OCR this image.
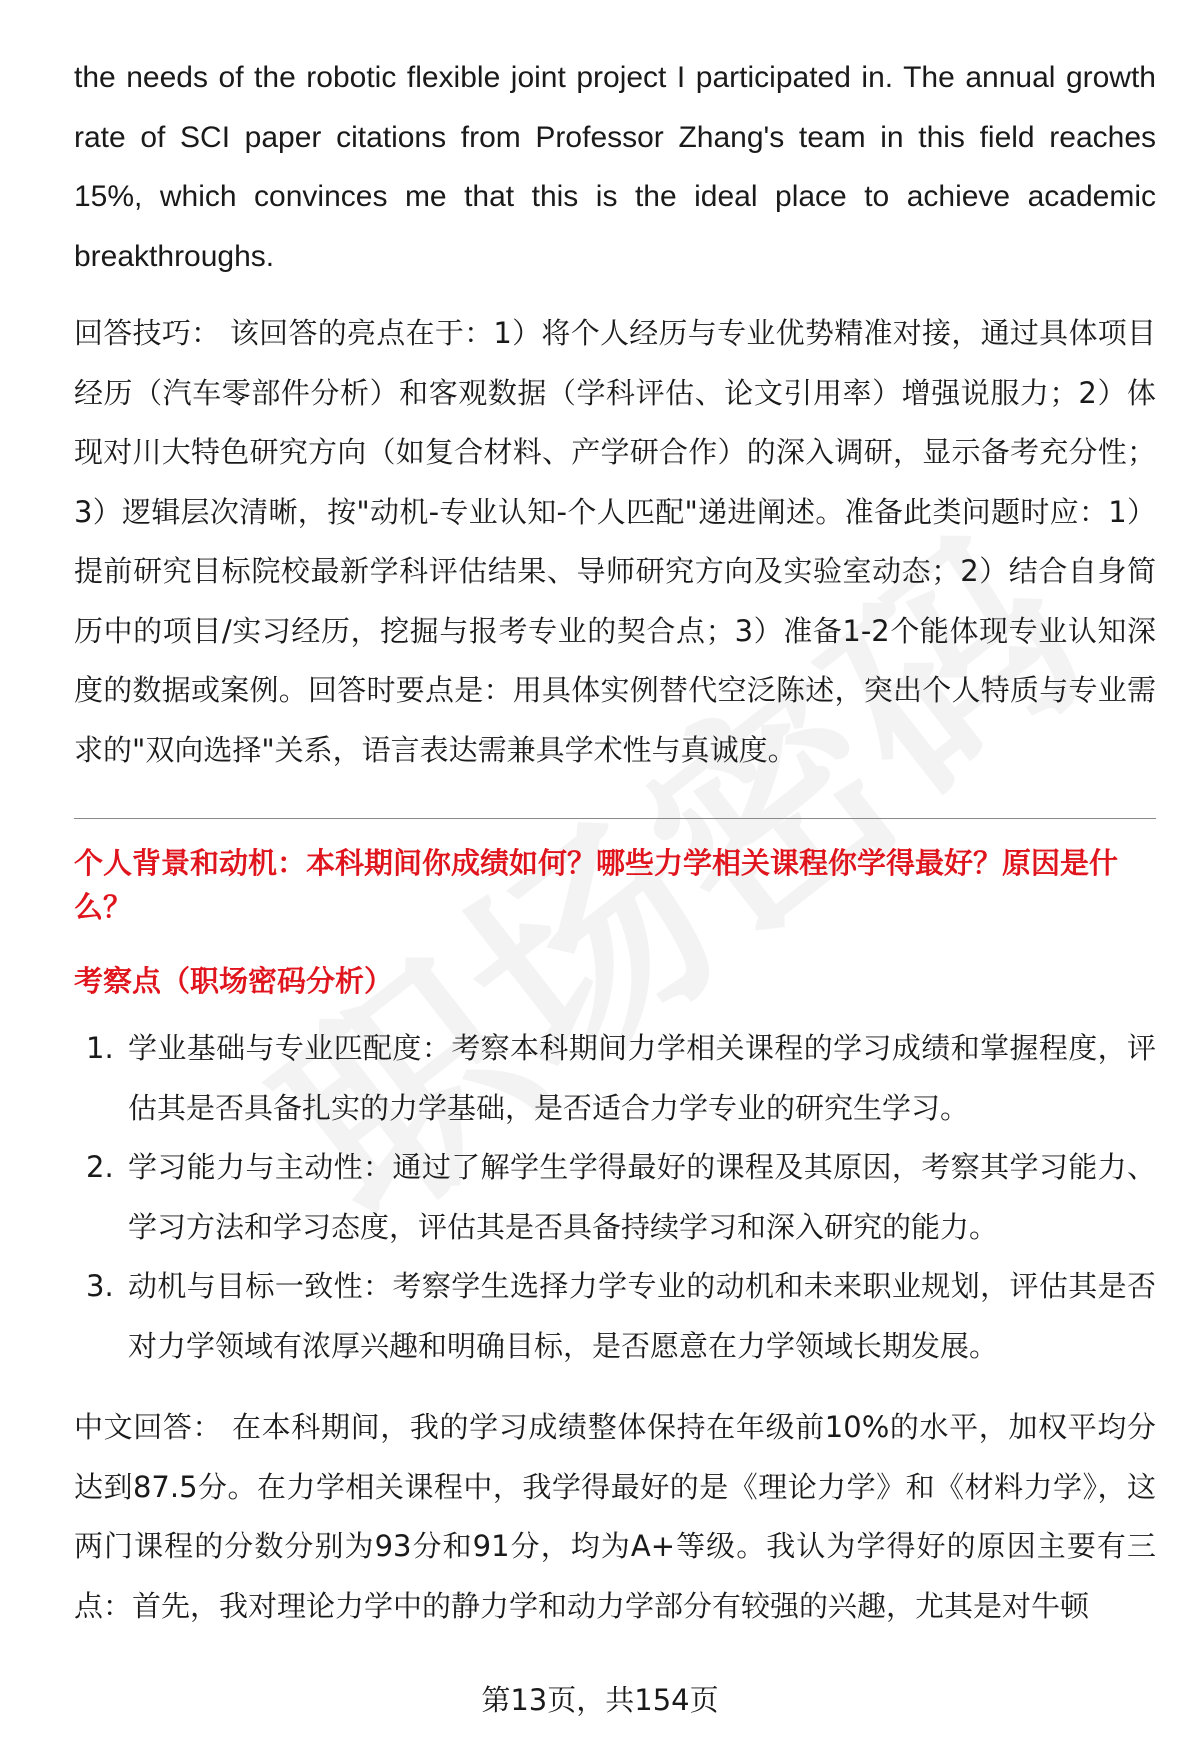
the needs of the robotic flexible joint project I participated in. The annual growth rate of SCI paper citations from Professor Zhang's team in this field reaches 15%, which convinces me that this is the ideal place to achieve academic breakthroughs.

回答技巧： 该回答的亮点在于：1）将个人经历与专业优势精准对接，通过具体项目经历（汽车零部件分析）和客观数据（学科评估、论文引用率）增强说服力；2）体现对川大特色研究方向（如复合材料、产学研合作）的深入调研，显示备考充分性；3）逻辑层次清晰，按"动机-专业认知-个人匹配"递进阐述。准备此类问题时应：1）提前研究目标院校最新学科评估结果、导师研究方向及实验室动态；2）结合自身简历中的项目/实习经历，挖掘与报考专业的契合点；3）准备1-2个能体现专业认知深度的数据或案例。回答时要点是：用具体实例替代空泛陈述，突出个人特质与专业需求的"双向选择"关系，语言表达需兼具学术性与真诚度。

个人背景和动机：本科期间你成绩如何？哪些力学相关课程你学得最好？原因是什么？

考察点（职场密码分析）

1. 学业基础与专业匹配度：考察本科期间力学相关课程的学习成绩和掌握程度，评估其是否具备扎实的力学基础，是否适合力学专业的研究生学习。
2. 学习能力与主动性：通过了解学生学得最好的课程及其原因，考察其学习能力、学习方法和学习态度，评估其是否具备持续学习和深入研究的能力。
3. 动机与目标一致性：考察学生选择力学专业的动机和未来职业规划，评估其是否对力学领域有浓厚兴趣和明确目标，是否愿意在力学领域长期发展。

中文回答： 在本科期间，我的学习成绩整体保持在年级前10%的水平，加权平均分达到87.5分。在力学相关课程中，我学得最好的是《理论力学》和《材料力学》，这两门课程的分数分别为93分和91分，均为A+等级。我认为学得好的原因主要有三点：首先，我对理论力学中的静力学和动力学部分有较强的兴趣，尤其是对牛顿

第13页，共154页
